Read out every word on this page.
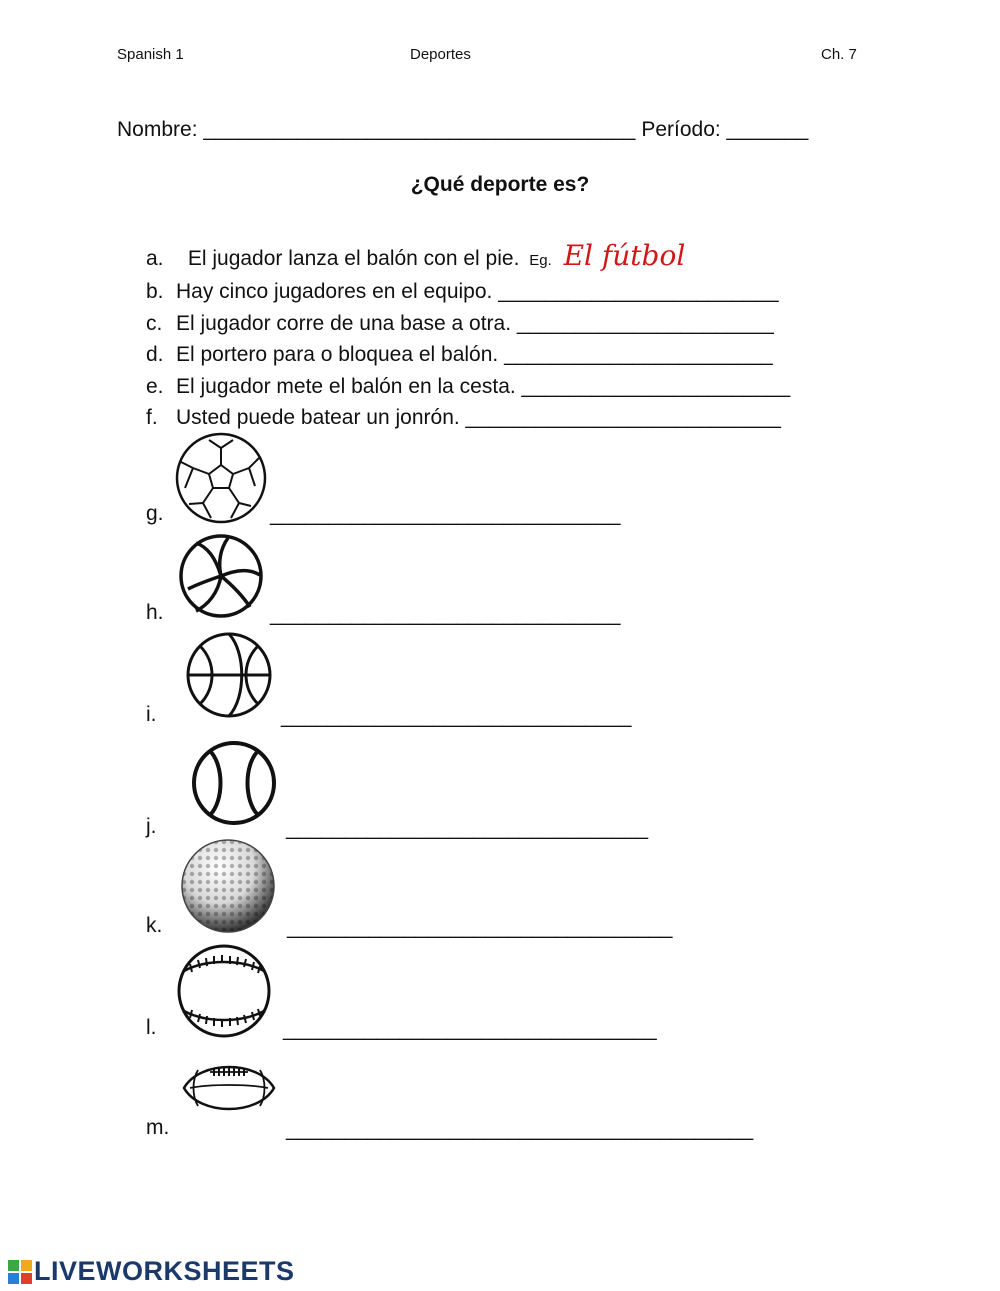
Spanish 1	Deportes	Ch. 7
Nombre: _____________________________________ Período: _______
¿Qué deporte es?
a. El jugador lanza el balón con el pie. Eg. El fútbol
b. Hay cinco jugadores en el equipo. ________________________
c. El jugador corre de una base a otra. ______________________
d. El portero para o bloquea el balón. _______________________
e. El jugador mete el balón en la cesta. _______________________
f. Usted puede batear un jonrón. ___________________________
g.	______________________________
h.	______________________________
i.	______________________________
j.	_______________________________
k.	_________________________________
l.	________________________________
m.	________________________________________
LIVEWORKSHEETS
